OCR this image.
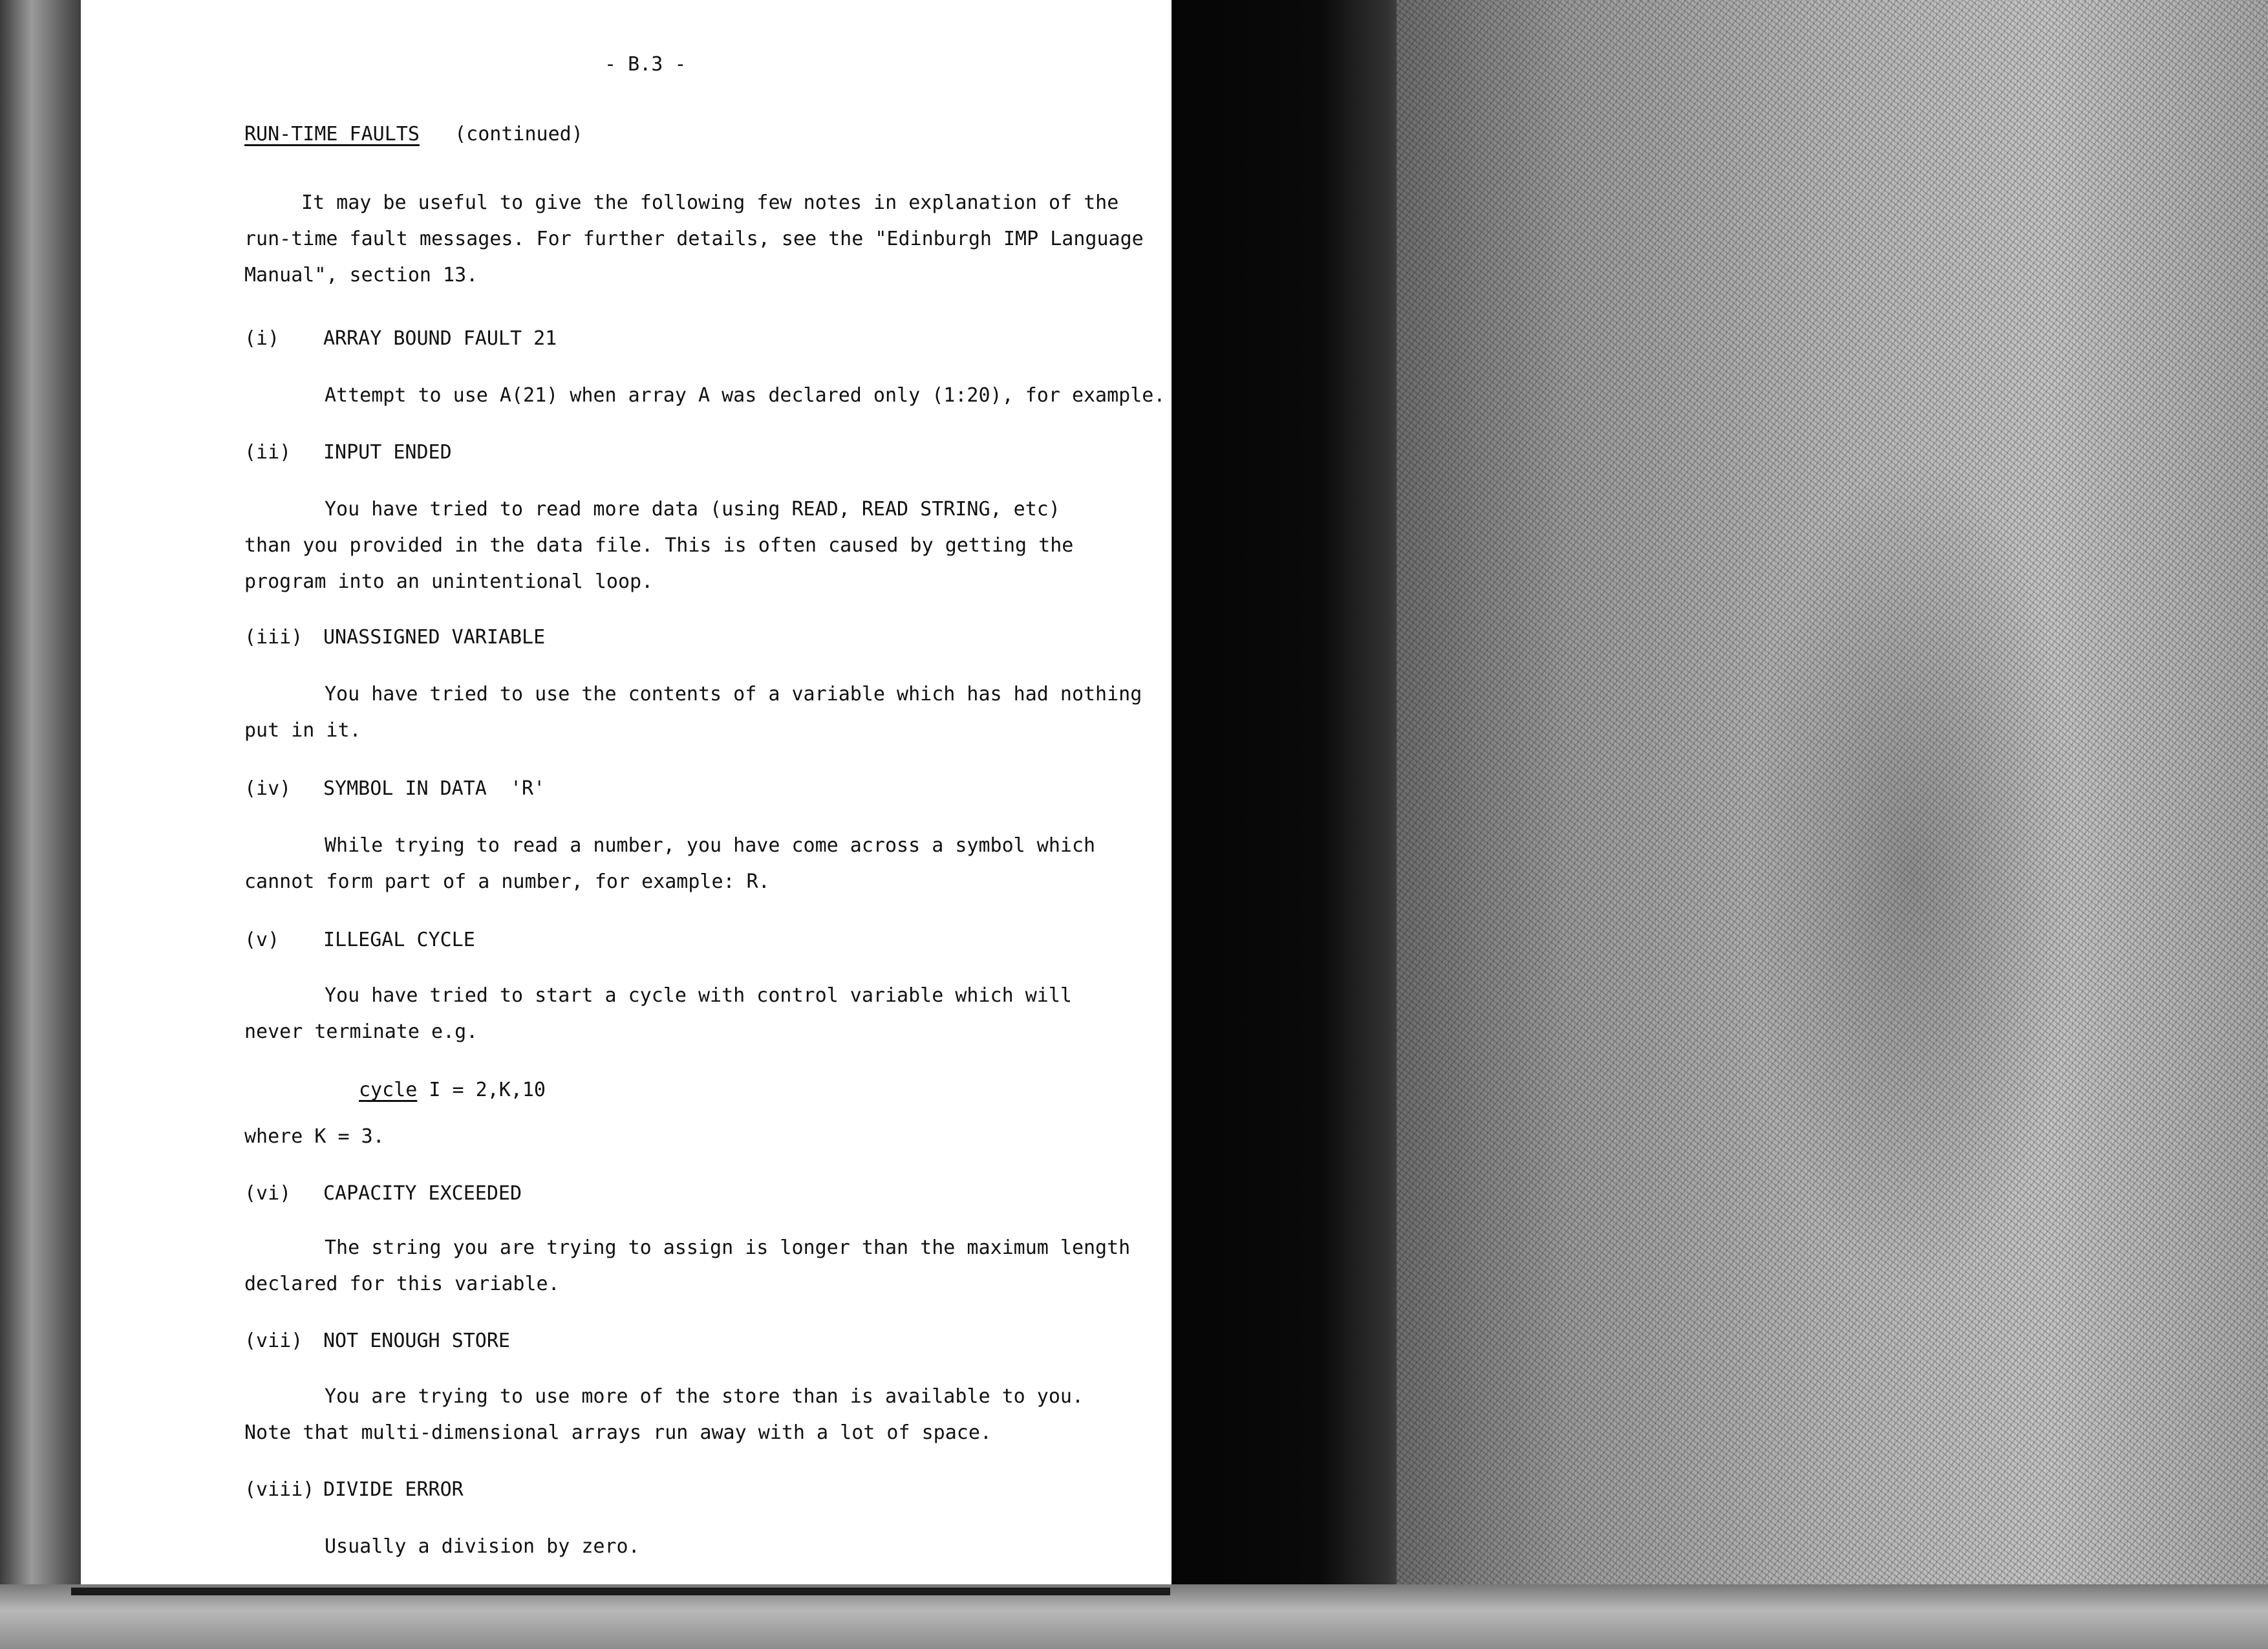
- B.3 -
RUN-TIME FAULTS (continued)
It may be useful to give the following few notes in explanation of the
run-time fault messages. For further details, see the "Edinburgh IMP Language
Manual", section 13.
(i) ARRAY BOUND FAULT 21
Attempt to use A(21) when array A was declared only (1:20), for example.
(ii) INPUT ENDED
You have tried to read more data (using READ, READ STRING, etc)
than you provided in the data file. This is often caused by getting the
program into an unintentional loop.
(iii) UNASSIGNED VARIABLE
You have tried to use the contents of a variable which has had nothing
put in it.
(iv) SYMBOL IN DATA  'R'
While trying to read a number, you have come across a symbol which
cannot form part of a number, for example: R.
(v) ILLEGAL CYCLE
You have tried to start a cycle with control variable which will
never terminate e.g.
cycle I = 2,K,10
where K = 3.
(vi) CAPACITY EXCEEDED
The string you are trying to assign is longer than the maximum length
declared for this variable.
(vii) NOT ENOUGH STORE
You are trying to use more of the store than is available to you.
Note that multi-dimensional arrays run away with a lot of space.
(viii) DIVIDE ERROR
Usually a division by zero.
